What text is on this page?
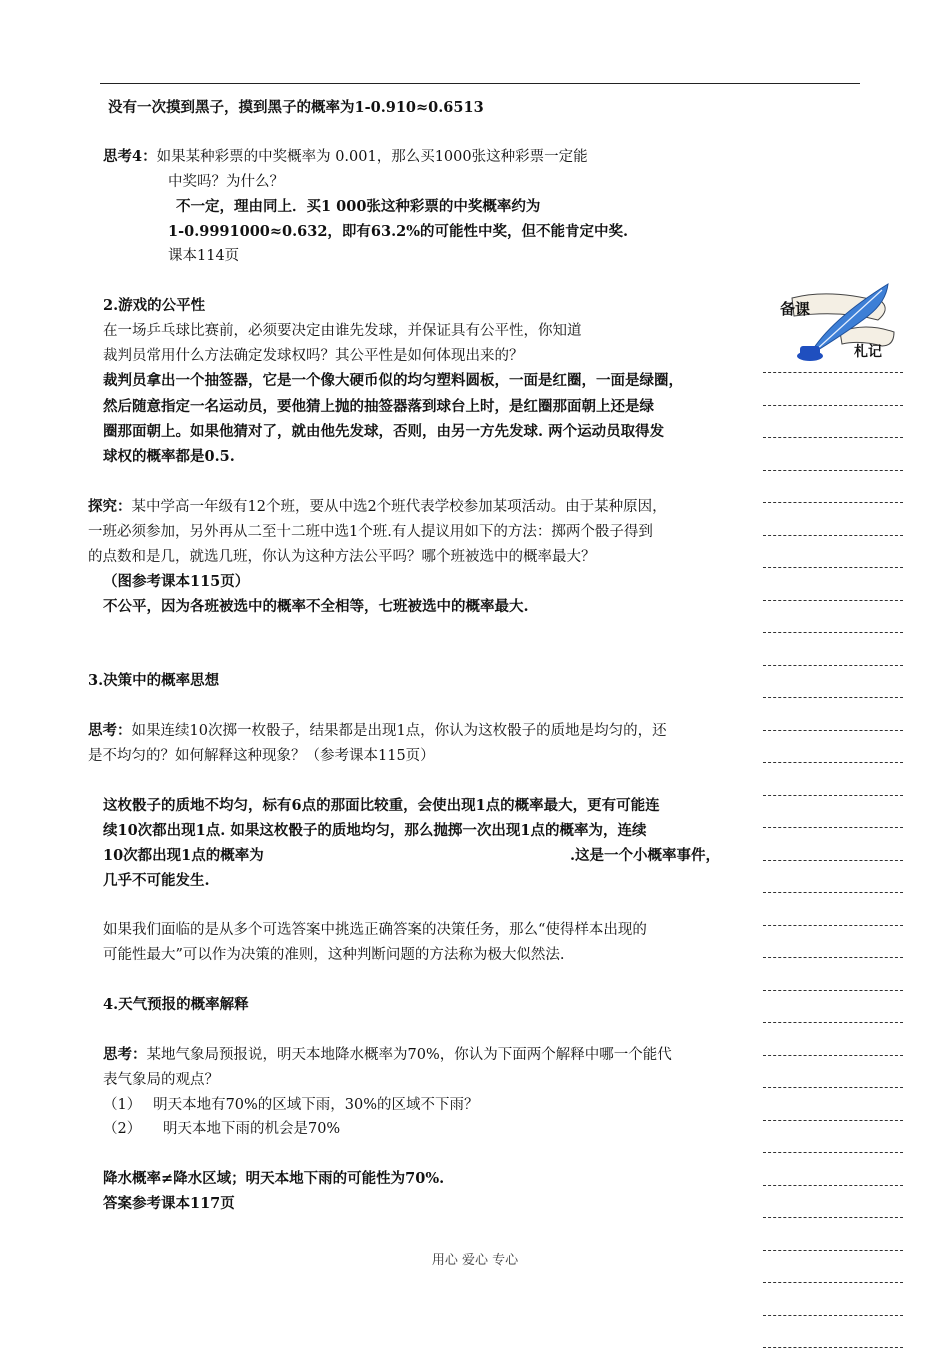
没有一次摸到黑子，摸到黑子的概率为1-0.910≈0.6513
思考4：如果某种彩票的中奖概率为 0.001，那么买1000张这种彩票一定能
中奖吗？为什么？
不一定，理由同上．买1 000张这种彩票的中奖概率约为
1-0.9991000≈0.632，即有63.2%的可能性中奖，但不能肯定中奖.
课本114页
2.游戏的公平性
在一场乒乓球比赛前，必须要决定由谁先发球，并保证具有公平性，你知道
裁判员常用什么方法确定发球权吗？其公平性是如何体现出来的？
裁判员拿出一个抽签器，它是一个像大硬币似的均匀塑料圆板，一面是红圈，一面是绿圈，
然后随意指定一名运动员，要他猜上抛的抽签器落到球台上时，是红圈那面朝上还是绿
圈那面朝上。如果他猜对了，就由他先发球，否则，由另一方先发球. 两个运动员取得发
球权的概率都是0.5.
探究：某中学高一年级有12个班，要从中选2个班代表学校参加某项活动。由于某种原因，
一班必须参加，另外再从二至十二班中选1个班.有人提议用如下的方法：掷两个骰子得到
的点数和是几，就选几班，你认为这种方法公平吗？哪个班被选中的概率最大？
（图参考课本115页）
不公平，因为各班被选中的概率不全相等，七班被选中的概率最大.
3.决策中的概率思想
思考：如果连续10次掷一枚骰子，结果都是出现1点，你认为这枚骰子的质地是均匀的，还
是不均匀的？如何解释这种现象？（参考课本115页）
这枚骰子的质地不均匀，标有6点的那面比较重，会使出现1点的概率最大，更有可能连
续10次都出现1点. 如果这枚骰子的质地均匀，那么抛掷一次出现1点的概率为，连续
10次都出现1点的概率为	.这是一个小概率事件，
几乎不可能发生.
如果我们面临的是从多个可选答案中挑选正确答案的决策任务，那么“使得样本出现的
可能性最大”可以作为决策的准则，这种判断问题的方法称为极大似然法.
4.天气预报的概率解释
思考：某地气象局预报说，明天本地降水概率为70%，你认为下面两个解释中哪一个能代
表气象局的观点？
（1）　 明天本地有70%的区域下雨，30%的区域不下雨？
（2）　　明天本地下雨的机会是70%
降水概率≠降水区域；明天本地下雨的可能性为70%.
答案参考课本117页
备课
札记
用心 爱心 专心
